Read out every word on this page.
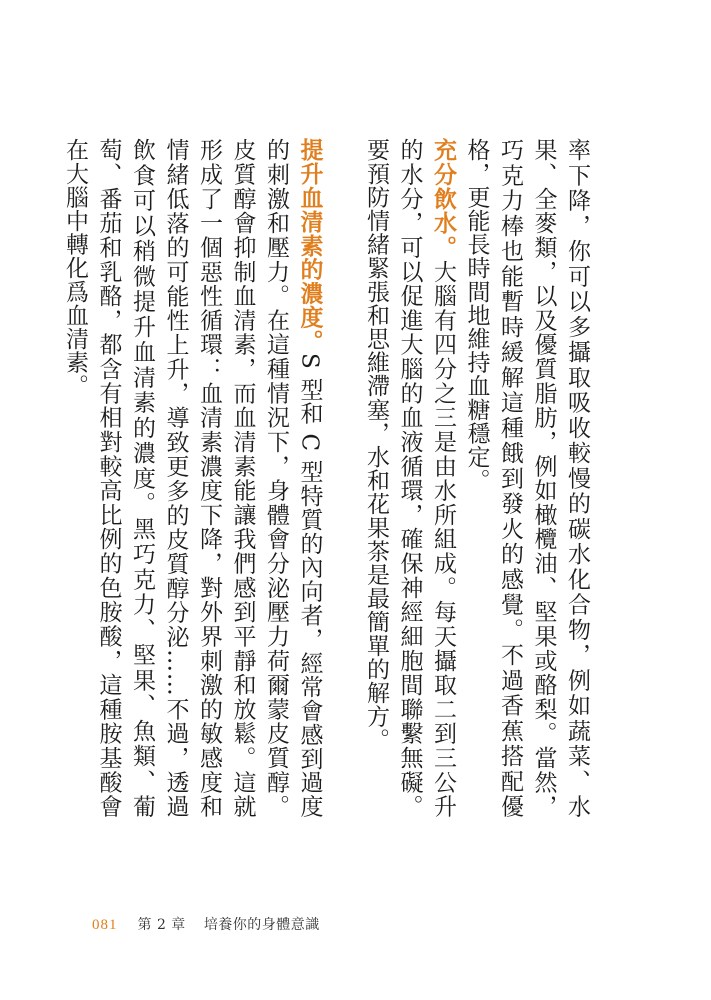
率下降，你可以多攝取吸收較慢的碳水化合物，例如蔬菜、水果、全麥類，以及優質脂肪，例如橄欖油、堅果或酪梨。當然，巧克力棒也能暫時緩解這種餓到發火的感覺。不過香蕉搭配優格，更能長時間地維持血糖穩定。

充分飲水。大腦有四分之三是由水所組成。每天攝取二到三公升的水分，可以促進大腦的血液循環，確保神經細胞間聯繫無礙。要預防情緒緊張和思維滯塞，水和花果茶是最簡單的解方。

提升血清素的濃度。S 型和 C 型特質的內向者，經常會感到過度的刺激和壓力。在這種情況下，身體會分泌壓力荷爾蒙皮質醇。皮質醇會抑制血清素，而血清素能讓我們感到平靜和放鬆。這就形成了一個惡性循環：血清素濃度下降，對外界刺激的敏感度和情緒低落的可能性上升，導致更多的皮質醇分泌……不過，透過飲食可以稍微提升血清素的濃度。黑巧克力、堅果、魚類、葡萄、番茄和乳酪，都含有相對較高比例的色胺酸，這種胺基酸會在大腦中轉化爲血清素。

081 第 2 章 培養你的身體意識
